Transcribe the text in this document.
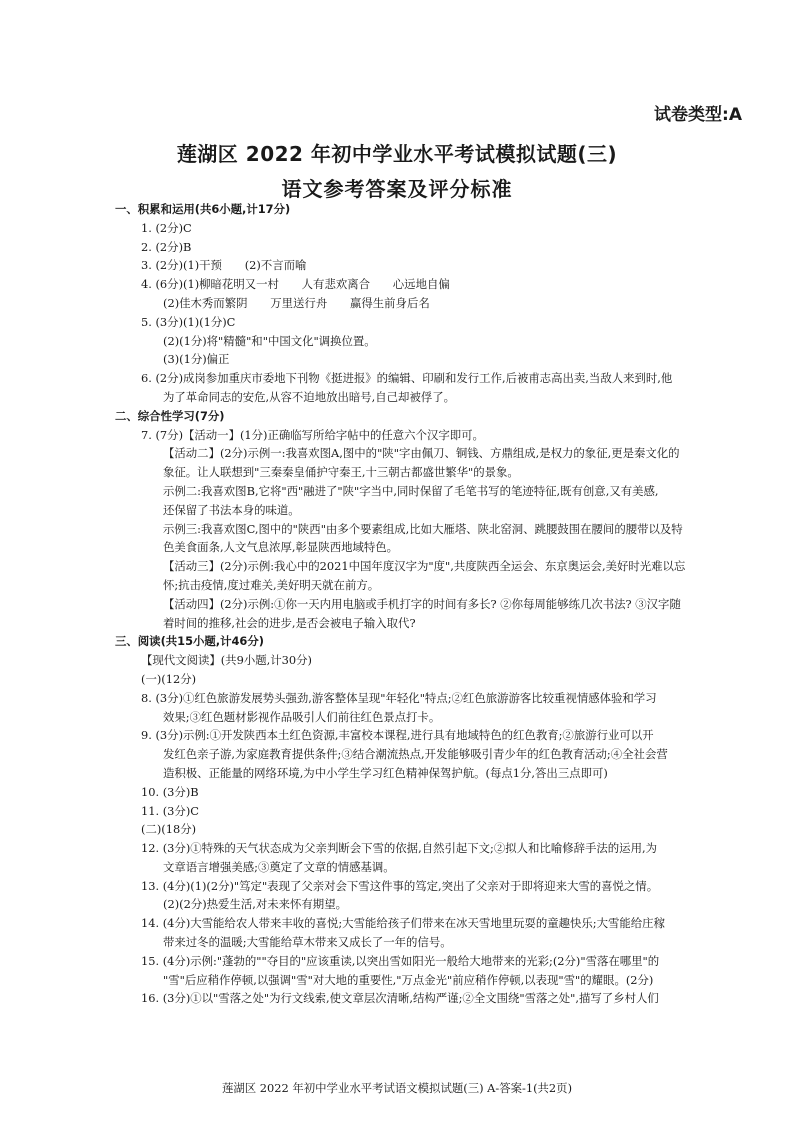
试卷类型:A
莲湖区 2022 年初中学业水平考试模拟试题(三)
语文参考答案及评分标准
一、积累和运用(共6小题,计17分)
1. (2分)C
2. (2分)B
3. (2分)(1)干预　　(2)不言而喻
4. (6分)(1)柳暗花明又一村　　人有悲欢离合　　心远地自偏
(2)佳木秀而繁阴　　万里送行舟　　赢得生前身后名
5. (3分)(1)(1分)C
(2)(1分)将"精髓"和"中国文化"调换位置。
(3)(1分)偏正
6. (2分)成岗参加重庆市委地下刊物《挺进报》的编辑、印刷和发行工作,后被甫志高出卖,当敌人来到时,他
为了革命同志的安危,从容不迫地放出暗号,自己却被俘了。
二、综合性学习(7分)
7. (7分)【活动一】(1分)正确临写所给字帖中的任意六个汉字即可。
【活动二】(2分)示例一:我喜欢图A,图中的"陕"字由佩刀、铜钱、方鼎组成,是权力的象征,更是秦文化的
象征。让人联想到"三秦秦皇俑护守秦王,十三朝古都盛世繁华"的景象。
示例二:我喜欢图B,它将"西"融进了"陕"字当中,同时保留了毛笔书写的笔迹特征,既有创意,又有美感,
还保留了书法本身的味道。
示例三:我喜欢图C,图中的"陕西"由多个要素组成,比如大雁塔、陕北窑洞、跳腰鼓围在腰间的腰带以及特
色美食面条,人文气息浓厚,彰显陕西地域特色。
【活动三】(2分)示例:我心中的2021中国年度汉字为"度",共度陕西全运会、东京奥运会,美好时光难以忘
怀;抗击疫情,度过难关,美好明天就在前方。
【活动四】(2分)示例:①你一天内用电脑或手机打字的时间有多长? ②你每周能够练几次书法? ③汉字随
着时间的推移,社会的进步,是否会被电子输入取代?
三、阅读(共15小题,计46分)
【现代文阅读】(共9小题,计30分)
(一)(12分)
8. (3分)①红色旅游发展势头强劲,游客整体呈现"年轻化"特点;②红色旅游游客比较重视情感体验和学习
效果;③红色题材影视作品吸引人们前往红色景点打卡。
9. (3分)示例:①开发陕西本土红色资源,丰富校本课程,进行具有地域特色的红色教育;②旅游行业可以开
发红色亲子游,为家庭教育提供条件;③结合潮流热点,开发能够吸引青少年的红色教育活动;④全社会营
造积极、正能量的网络环境,为中小学生学习红色精神保驾护航。(每点1分,答出三点即可)
10. (3分)B
11. (3分)C
(二)(18分)
12. (3分)①特殊的天气状态成为父亲判断会下雪的依据,自然引起下文;②拟人和比喻修辞手法的运用,为
文章语言增强美感;③奠定了文章的情感基调。
13. (4分)(1)(2分)"笃定"表现了父亲对会下雪这件事的笃定,突出了父亲对于即将迎来大雪的喜悦之情。
(2)(2分)热爱生活,对未来怀有期望。
14. (4分)大雪能给农人带来丰收的喜悦;大雪能给孩子们带来在冰天雪地里玩耍的童趣快乐;大雪能给庄稼
带来过冬的温暖;大雪能给草木带来又成长了一年的信号。
15. (4分)示例:"蓬勃的""夺目的"应该重读,以突出雪如阳光一般给大地带来的光彩;(2分)"雪落在哪里"的
"雪"后应稍作停顿,以强调"雪"对大地的重要性,"万点金光"前应稍作停顿,以表现"雪"的耀眼。(2分)
16. (3分)①以"雪落之处"为行文线索,使文章层次清晰,结构严谨;②全文围绕"雪落之处",描写了乡村人们
莲湖区 2022 年初中学业水平考试语文模拟试题(三) A-答案-1(共2页)
